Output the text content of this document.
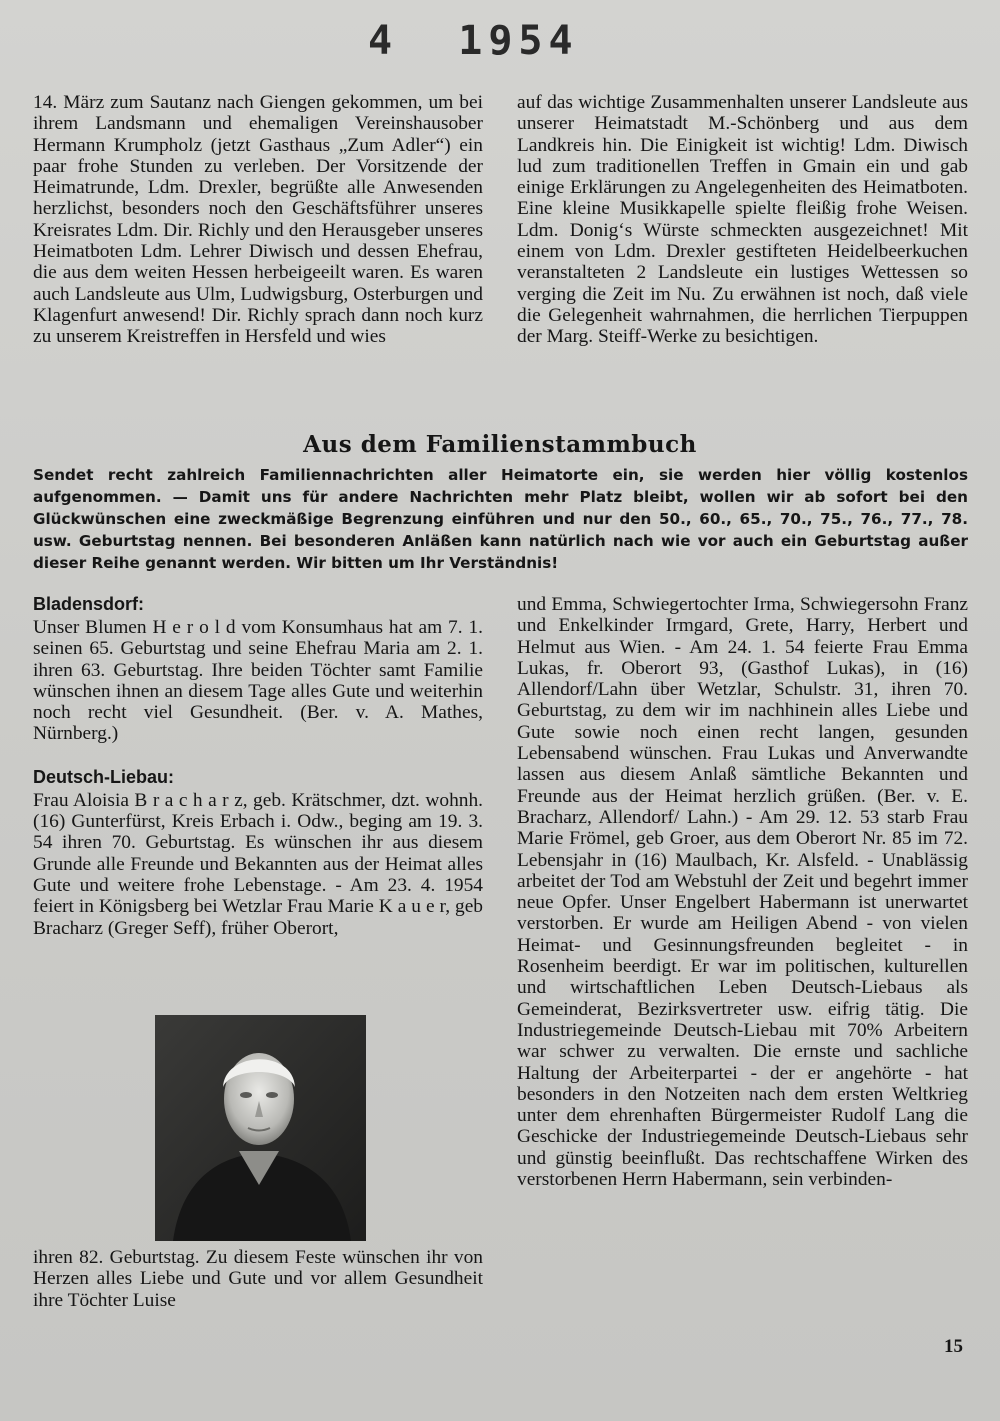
4  1954

14. März zum Sautanz nach Giengen gekommen, um bei ihrem Landsmann und ehemaligen Vereinshausober Hermann Krumpholz (jetzt Gasthaus „Zum Adler“) ein paar frohe Stunden zu verleben. Der Vorsitzende der Heimatrunde, Ldm. Drexler, begrüßte alle Anwesenden herzlichst, besonders noch den Geschäftsführer unseres Kreisrates Ldm. Dir. Richly und den Herausgeber unseres Heimatboten Ldm. Lehrer Diwisch und dessen Ehefrau, die aus dem weiten Hessen herbeigeeilt waren. Es waren auch Landsleute aus Ulm, Ludwigsburg, Osterburgen und Klagenfurt anwesend! Dir. Richly sprach dann noch kurz zu unserem Kreistreffen in Hersfeld und wies

auf das wichtige Zusammenhalten unserer Landsleute aus unserer Heimatstadt M.-Schönberg und aus dem Landkreis hin. Die Einigkeit ist wichtig! Ldm. Diwisch lud zum traditionellen Treffen in Gmain ein und gab einige Erklärungen zu Angelegenheiten des Heimatboten. Eine kleine Musikkapelle spielte fleißig frohe Weisen. Ldm. Donig‘s Würste schmeckten ausgezeichnet! Mit einem von Ldm. Drexler gestifteten Heidelbeerkuchen veranstalteten 2 Landsleute ein lustiges Wettessen so verging die Zeit im Nu. Zu erwähnen ist noch, daß viele die Gelegenheit wahrnahmen, die herrlichen Tierpuppen der Marg. Steiff-Werke zu besichtigen.

Aus dem Familienstammbuch
Sendet recht zahlreich Familiennachrichten aller Heimatorte ein, sie werden hier völlig kostenlos aufgenommen. — Damit uns für andere Nachrichten mehr Platz bleibt, wollen wir ab sofort bei den Glückwünschen eine zweckmäßige Begrenzung einführen und nur den 50., 60., 65., 70., 75., 76., 77., 78. usw. Geburtstag nennen. Bei besonderen Anläßen kann natürlich nach wie vor auch ein Geburtstag außer dieser Reihe genannt werden. Wir bitten um Ihr Verständnis!
Bladensdorf:

Unser Blumen H e r o l d vom Konsumhaus hat am 7. 1. seinen 65. Geburtstag und seine Ehefrau Maria am 2. 1. ihren 63. Geburtstag. Ihre beiden Töchter samt Familie wünschen ihnen an diesem Tage alles Gute und weiterhin noch recht viel Gesundheit. (Ber. v. A. Mathes, Nürnberg.)

Deutsch-Liebau:

Frau Aloisia B r a c h a r z, geb. Krätschmer, dzt. wohnh. (16) Gunterfürst, Kreis Erbach i. Odw., beging am 19. 3. 54 ihren 70. Geburtstag. Es wünschen ihr aus diesem Grunde alle Freunde und Bekannten aus der Heimat alles Gute und weitere frohe Lebenstage. - Am 23. 4. 1954 feiert in Königsberg bei Wetzlar Frau Marie K a u e r, geb Bracharz (Greger Seff), früher Oberort,

ihren 82. Geburtstag. Zu diesem Feste wünschen ihr von Herzen alles Liebe und Gute und vor allem Gesundheit ihre Töchter Luise

und Emma, Schwiegertochter Irma, Schwiegersohn Franz und Enkelkinder Irmgard, Grete, Harry, Herbert und Helmut aus Wien. - Am 24. 1. 54 feierte Frau Emma Lukas, fr. Oberort 93, (Gasthof Lukas), in (16) Allendorf/Lahn über Wetzlar, Schulstr. 31, ihren 70. Geburtstag, zu dem wir im nachhinein alles Liebe und Gute sowie noch einen recht langen, gesunden Lebensabend wünschen. Frau Lukas und Anverwandte lassen aus diesem Anlaß sämtliche Bekannten und Freunde aus der Heimat herzlich grüßen. (Ber. v. E. Bracharz, Allendorf/ Lahn.) - Am 29. 12. 53 starb Frau Marie Frömel, geb Groer, aus dem Oberort Nr. 85 im 72. Lebensjahr in (16) Maulbach, Kr. Alsfeld. - Unablässig arbeitet der Tod am Webstuhl der Zeit und begehrt immer neue Opfer. Unser Engelbert Habermann ist unerwartet verstorben. Er wurde am Heiligen Abend - von vielen Heimat- und Gesinnungsfreunden begleitet - in Rosenheim beerdigt. Er war im politischen, kulturellen und wirtschaftlichen Leben Deutsch-Liebaus als Gemeinderat, Bezirksvertreter usw. eifrig tätig. Die Industriegemeinde Deutsch-Liebau mit 70% Arbeitern war schwer zu verwalten. Die ernste und sachliche Haltung der Arbeiterpartei - der er angehörte - hat besonders in den Notzeiten nach dem ersten Weltkrieg unter dem ehrenhaften Bürgermeister Rudolf Lang die Geschicke der Industriegemeinde Deutsch-Liebaus sehr und günstig beeinflußt. Das rechtschaffene Wirken des verstorbenen Herrn Habermann, sein verbinden-

15
